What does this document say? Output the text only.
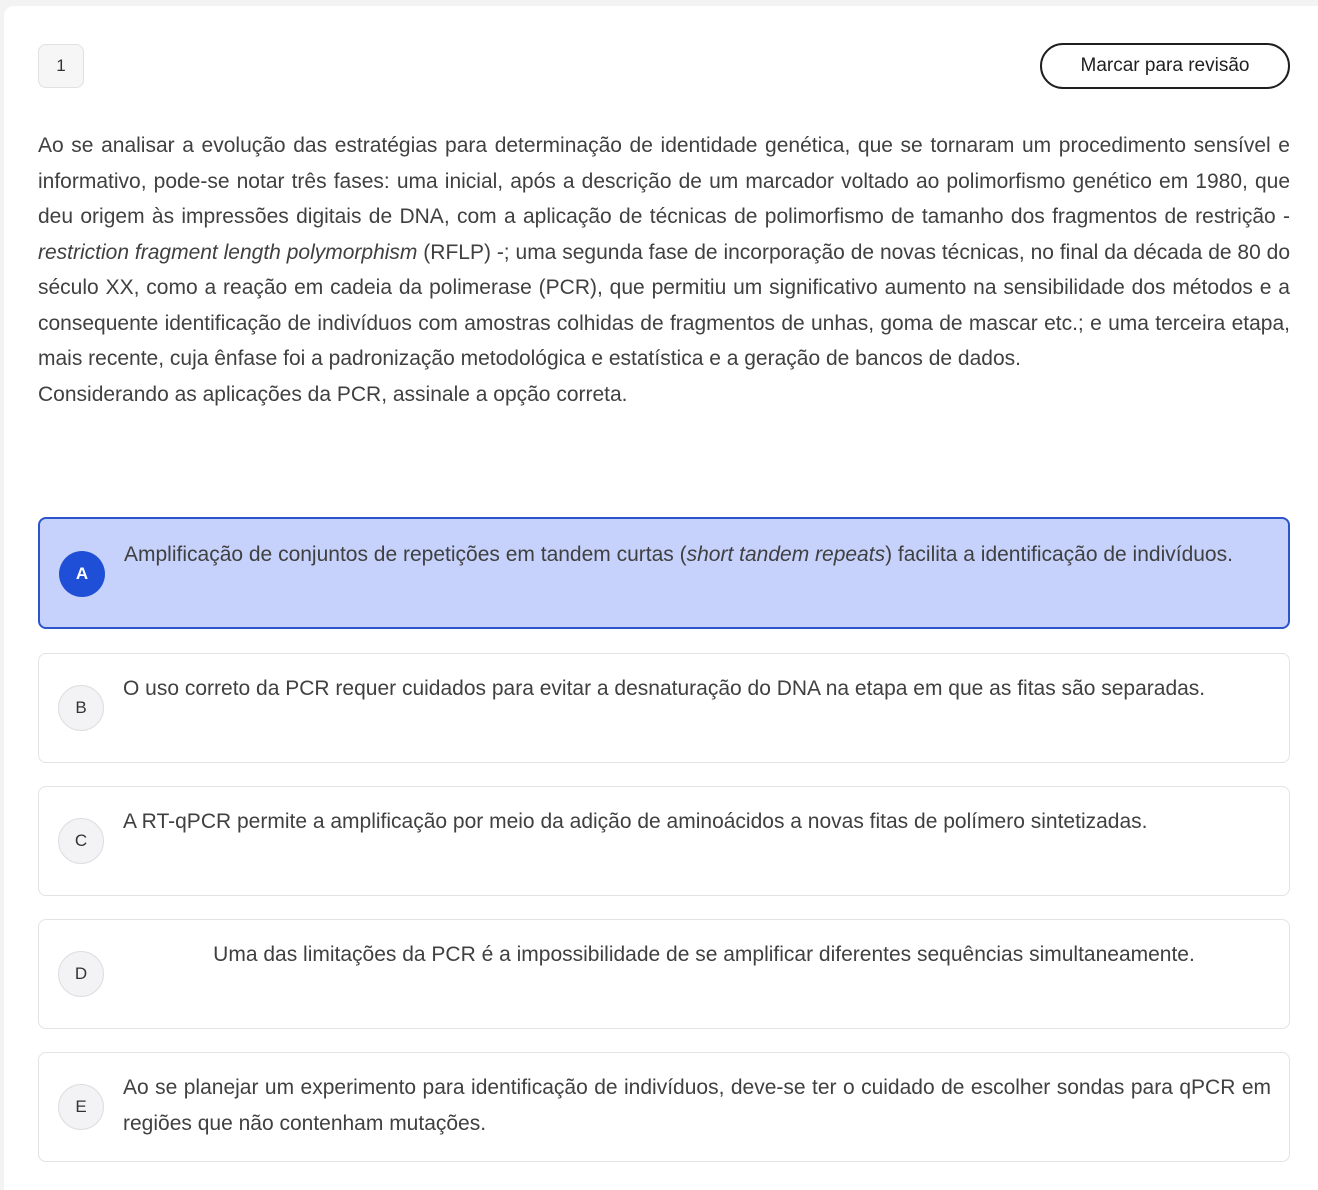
1	Marcar para revisão

Ao se analisar a evolução das estratégias para determinação de identidade genética, que se tornaram um procedimento sensível e informativo, pode-se notar três fases: uma inicial, após a descrição de um marcador voltado ao polimorfismo genético em 1980, que deu origem às impressões digitais de DNA, com a aplicação de técnicas de polimorfismo de tamanho dos fragmentos de restrição - restriction fragment length polymorphism (RFLP) -; uma segunda fase de incorporação de novas técnicas, no final da década de 80 do século XX, como a reação em cadeia da polimerase (PCR), que permitiu um significativo aumento na sensibilidade dos métodos e a consequente identificação de indivíduos com amostras colhidas de fragmentos de unhas, goma de mascar etc.; e uma terceira etapa, mais recente, cuja ênfase foi a padronização metodológica e estatística e a geração de bancos de dados.

Considerando as aplicações da PCR, assinale a opção correta.

A
Amplificação de conjuntos de repetições em tandem curtas (short tandem repeats) facilita a identificação de indivíduos.
B
O uso correto da PCR requer cuidados para evitar a desnaturação do DNA na etapa em que as fitas são separadas.
C
A RT-qPCR permite a amplificação por meio da adição de aminoácidos a novas fitas de polímero sintetizadas.
D
Uma das limitações da PCR é a impossibilidade de se amplificar diferentes sequências simultaneamente.
E
Ao se planejar um experimento para identificação de indivíduos, deve-se ter o cuidado de escolher sondas para qPCR em regiões que não contenham mutações.
